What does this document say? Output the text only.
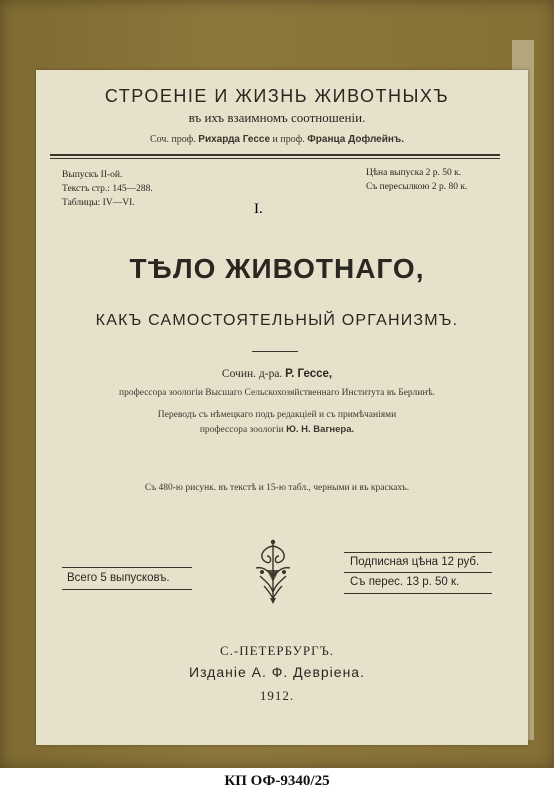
СТРОЕНІЕ И ЖИЗНЬ ЖИВОТНЫХЪ
въ ихъ взаимномъ соотношеніи.
Соч. проф. Рихарда Гессе и проф. Франца Дофлейнъ.
Выпускъ II-ой.
Текстъ стр.: 145—288.
Таблицы: IV—VI.
Цѣна выпуска 2 р. 50 к.
Съ пересылкою 2 р. 80 к.
I.
ТѢЛО ЖИВОТНАГО,
КАКЪ САМОСТОЯТЕЛЬНЫЙ ОРГАНИЗМЪ.
Сочин. д-ра. Р. Гессе,
профессора зоологіи Высшаго Сельскохозяйственнаго Института въ Берлинѣ.
Переводъ съ нѣмецкаго подъ редакціей и съ примѣчаніями
профессора зоологіи Ю. Н. Вагнера.
Съ 480-ю рисунк. въ текстѣ и 15-ю табл., черными и въ краскахъ.
Всего 5 выпусковъ.
Подписная цѣна 12 руб.
Съ перес. 13 р. 50 к.
С.-ПЕТЕРБУРГЪ.
Изданіе А. Ф. Девріена.
1912.
КП ОФ-9340/25
